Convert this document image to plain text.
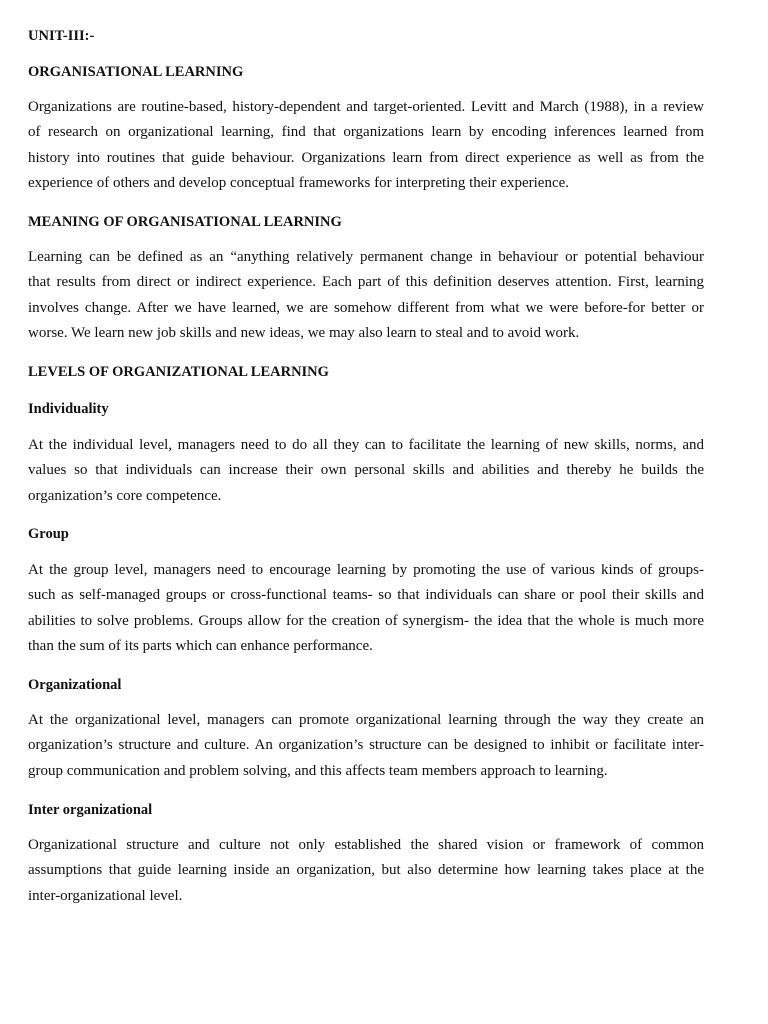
UNIT-III:-
ORGANISATIONAL LEARNING
Organizations are routine-based, history-dependent and target-oriented. Levitt and March (1988), in a review
of research on organizational learning, find that organizations learn by encoding inferences learned from
history into routines that guide behaviour. Organizations learn from direct experience as well as from the
experience of others and develop conceptual frameworks for interpreting their experience.
MEANING OF ORGANISATIONAL LEARNING
Learning can be defined as an “anything relatively permanent change in behaviour or potential behaviour
that results from direct or indirect experience. Each part of this definition deserves attention. First, learning
involves change. After we have learned, we are somehow different from what we were before-for better or
worse. We learn new job skills and new ideas, we may also learn to steal and to avoid work.
LEVELS OF ORGANIZATIONAL LEARNING
Individuality
At the individual level, managers need to do all they can to facilitate the learning of new skills, norms, and
values so that individuals can increase their own personal skills and abilities and thereby he builds the
organization’s core competence.
Group
At the group level, managers need to encourage learning by promoting the use of various kinds of groups-
such as self-managed groups or cross-functional teams- so that individuals can share or pool their skills and
abilities to solve problems. Groups allow for the creation of synergism- the idea that the whole is much more
than the sum of its parts which can enhance performance.
Organizational
At the organizational level, managers can promote organizational learning through the way they create an
organization’s structure and culture. An organization’s structure can be designed to inhibit or facilitate inter-
group communication and problem solving, and this affects team members approach to learning.
Inter organizational
Organizational structure and culture not only established the shared vision or framework of common
assumptions that guide learning inside an organization, but also determine how learning takes place at the
inter-organizational level.
